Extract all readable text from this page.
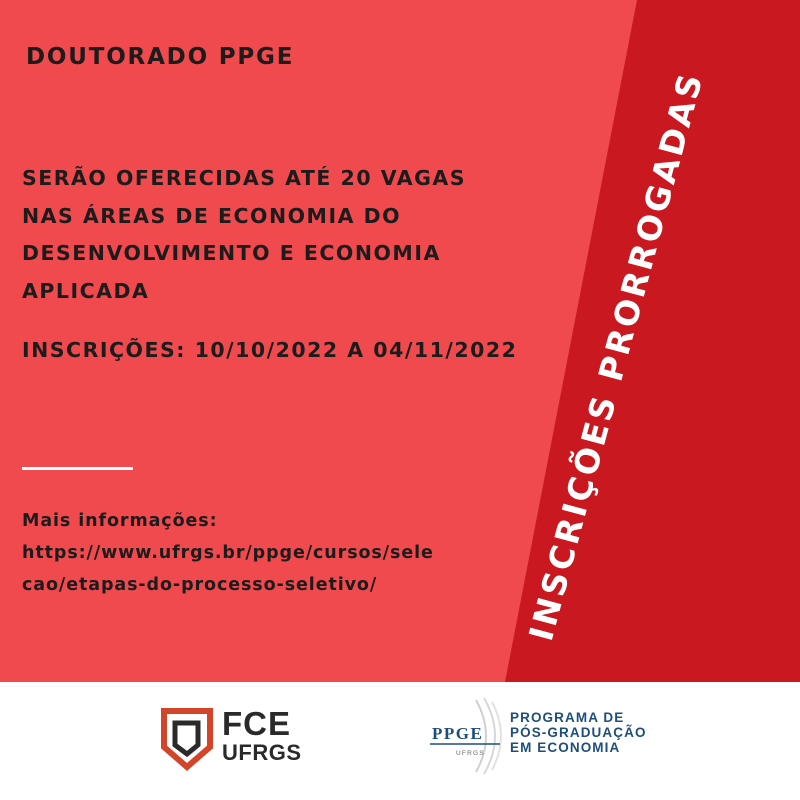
DOUTORADO PPGE

SERÃO OFERECIDAS ATÉ 20 VAGAS
NAS ÁREAS DE ECONOMIA DO
DESENVOLVIMENTO E ECONOMIA
APLICADA

INSCRIÇÕES: 10/10/2022 A 04/11/2022

Mais informações:
https://www.ufrgs.br/ppge/cursos/sele
cao/etapas-do-processo-seletivo/	INSCRIÇÕES PRORROGADAS
FCE
UFRGS
PPGE
UFRGS
PROGRAMA DE
PÓS-GRADUAÇÃO
EM ECONOMIA
